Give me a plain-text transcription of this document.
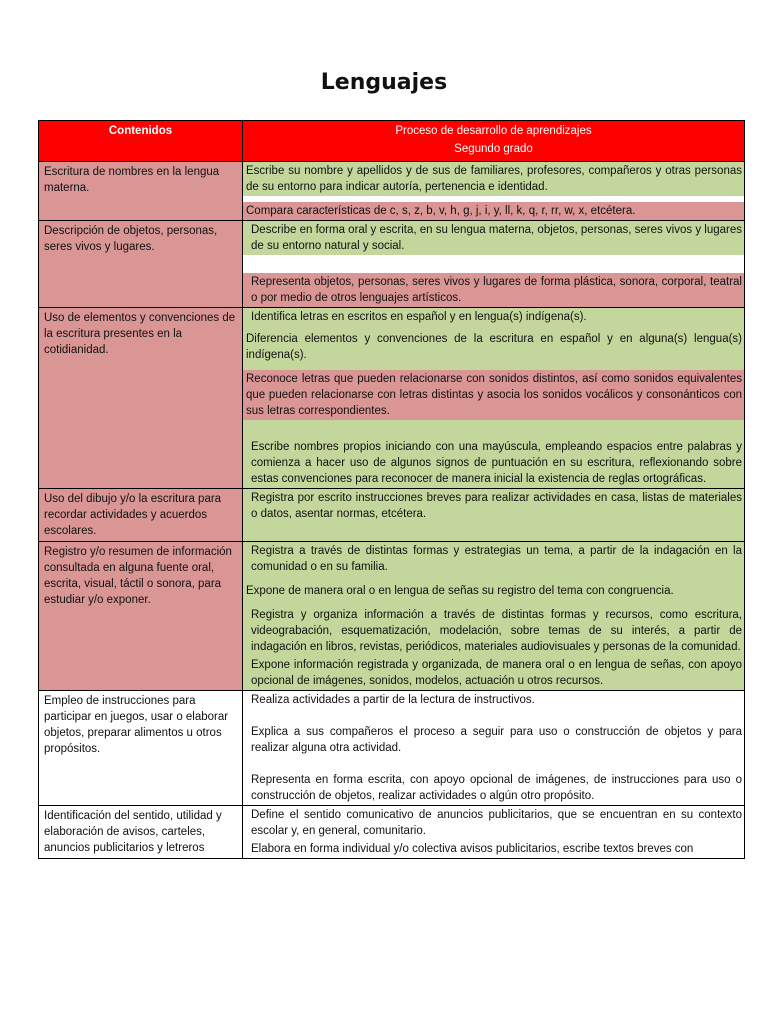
Lenguajes
Contenidos	Proceso de desarrollo de aprendizajes
Segundo grado

Escritura de nombres en la lengua materna.	Escribe su nombre y apellidos y de sus de familiares, profesores, compañeros y otras personas de su entorno para indicar autoría, pertenencia e identidad.
Compara características de c, s, z, b, v, h, g, j, i, y, ll, k, q, r, rr, w, x, etcétera.

Descripción de objetos, personas, seres vivos y lugares.	Describe en forma oral y escrita, en su lengua materna, objetos, personas, seres vivos y lugares de su entorno natural y social.
Representa objetos, personas, seres vivos y lugares de forma plástica, sonora, corporal, teatral o por medio de otros lenguajes artísticos.

Uso de elementos y convenciones de la escritura presentes en la cotidianidad.	Identifica letras en escritos en español y en lengua(s) indígena(s).
Diferencia elementos y convenciones de la escritura en español y en alguna(s) lengua(s) indígena(s).
Reconoce letras que pueden relacionarse con sonidos distintos, así como sonidos equivalentes que pueden relacionarse con letras distintas y asocia los sonidos vocálicos y consonánticos con sus letras correspondientes.
Escribe nombres propios iniciando con una mayúscula, empleando espacios entre palabras y comienza a hacer uso de algunos signos de puntuación en su escritura, reflexionando sobre estas convenciones para reconocer de manera inicial la existencia de reglas ortográficas.

Uso del dibujo y/o la escritura para recordar actividades y acuerdos escolares.	Registra por escrito instrucciones breves para realizar actividades en casa, listas de materiales o datos, asentar normas, etcétera.

Registro y/o resumen de información consultada en alguna fuente oral, escrita, visual, táctil o sonora, para estudiar y/o exponer.	Registra a través de distintas formas y estrategias un tema, a partir de la indagación en la comunidad o en su familia.
Expone de manera oral o en lengua de señas su registro del tema con congruencia.
Registra y organiza información a través de distintas formas y recursos, como escritura, videograbación, esquematización, modelación, sobre temas de su interés, a partir de indagación en libros, revistas, periódicos, materiales audiovisuales y personas de la comunidad.
Expone información registrada y organizada, de manera oral o en lengua de señas, con apoyo opcional de imágenes, sonidos, modelos, actuación u otros recursos.

Empleo de instrucciones para participar en juegos, usar o elaborar objetos, preparar alimentos u otros propósitos.	Realiza actividades a partir de la lectura de instructivos.
Explica a sus compañeros el proceso a seguir para uso o construcción de objetos y para realizar alguna otra actividad.
Representa en forma escrita, con apoyo opcional de imágenes, de instrucciones para uso o construcción de objetos, realizar actividades o algún otro propósito.

Identificación del sentido, utilidad y elaboración de avisos, carteles, anuncios publicitarios y letreros	Define el sentido comunicativo de anuncios publicitarios, que se encuentran en su contexto escolar y, en general, comunitario.
Elabora en forma individual y/o colectiva avisos publicitarios, escribe textos breves con
